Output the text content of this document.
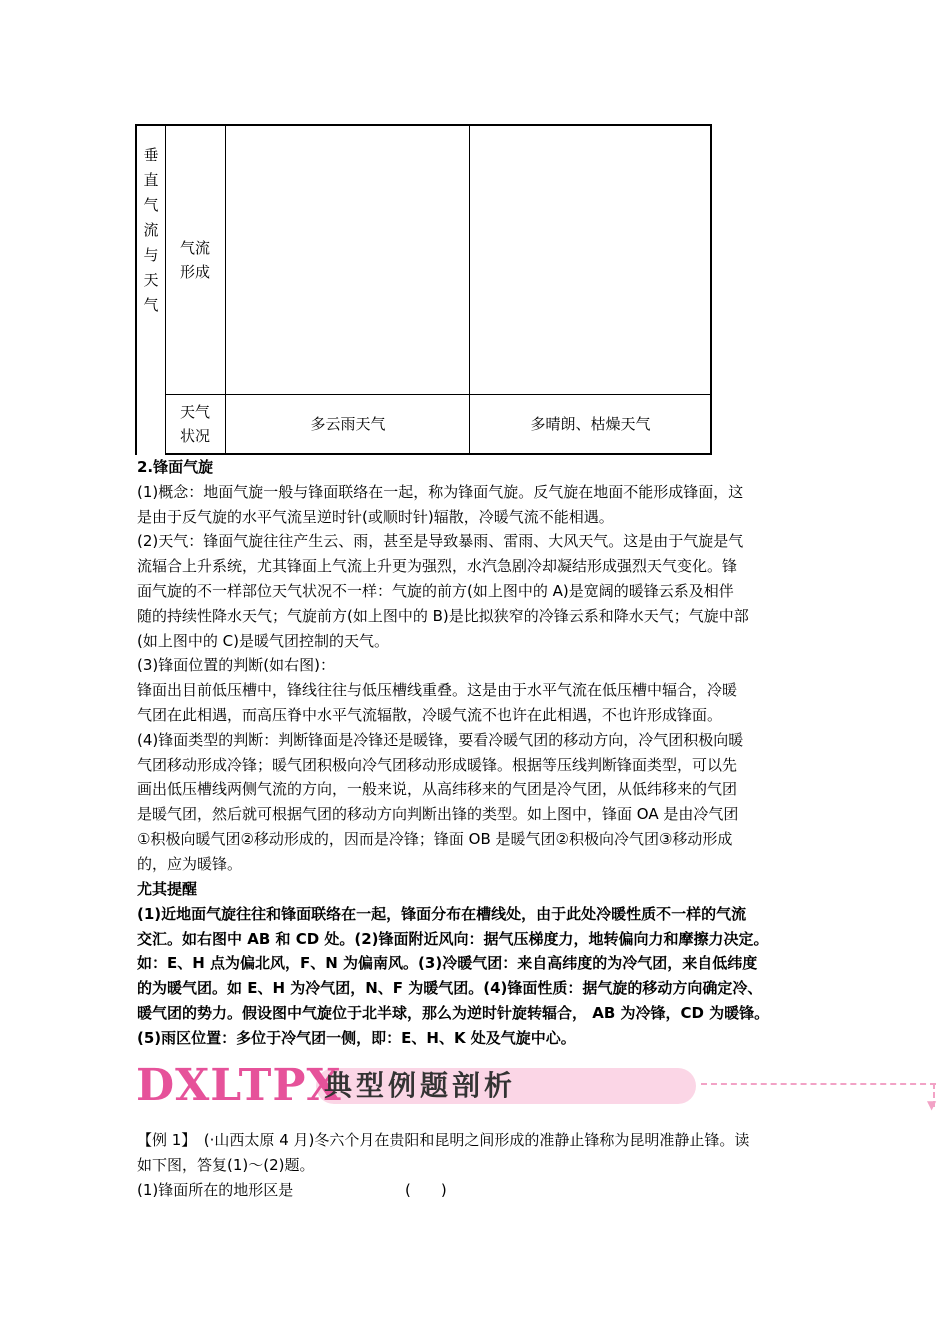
垂
直
气
流
与
天
气
气流
形成
天气
状况
多云雨天气	多晴朗、枯燥天气
2.锋面气旋
(1)概念：地面气旋一般与锋面联络在一起，称为锋面气旋。反气旋在地面不能形成锋面，这
是由于反气旋的水平气流呈逆时针(或顺时针)辐散，冷暖气流不能相遇。
(2)天气：锋面气旋往往产生云、雨，甚至是导致暴雨、雷雨、大风天气。这是由于气旋是气
流辐合上升系统，尤其锋面上气流上升更为强烈，水汽急剧冷却凝结形成强烈天气变化。锋
面气旋的不一样部位天气状况不一样：气旋的前方(如上图中的 A)是宽阔的暖锋云系及相伴
随的持续性降水天气；气旋前方(如上图中的 B)是比拟狭窄的冷锋云系和降水天气；气旋中部
(如上图中的 C)是暖气团控制的天气。
(3)锋面位置的判断(如右图)：
锋面出目前低压槽中，锋线往往与低压槽线重叠。这是由于水平气流在低压槽中辐合，冷暖
气团在此相遇，而高压脊中水平气流辐散，冷暖气流不也许在此相遇，不也许形成锋面。
(4)锋面类型的判断：判断锋面是冷锋还是暖锋，要看冷暖气团的移动方向，冷气团积极向暖
气团移动形成冷锋；暖气团积极向冷气团移动形成暖锋。根据等压线判断锋面类型，可以先
画出低压槽线两侧气流的方向，一般来说，从高纬移来的气团是冷气团，从低纬移来的气团
是暖气团，然后就可根据气团的移动方向判断出锋的类型。如上图中，锋面 OA 是由冷气团
①积极向暖气团②移动形成的，因而是冷锋；锋面 OB 是暖气团②积极向冷气团③移动形成
的，应为暖锋。
尤其提醒
(1)近地面气旋往往和锋面联络在一起，锋面分布在槽线处，由于此处冷暖性质不一样的气流
交汇。如右图中 AB 和 CD 处。(2)锋面附近风向：据气压梯度力，地转偏向力和摩擦力决定。
如：E、H 点为偏北风，F、N 为偏南风。(3)冷暖气团：来自高纬度的为冷气团，来自低纬度
的为暖气团。如 E、H 为冷气团，N、F 为暖气团。(4)锋面性质：据气旋的移动方向确定冷、
暖气团的势力。假设图中气旋位于北半球，那么为逆时针旋转辐合， AB 为冷锋，CD 为暖锋。
(5)雨区位置：多位于冷气团一侧，即：E、H、K 处及气旋中心。
DXLTPX
典型例题剖析
▼
【例 1】　(·山西太原 4 月)冬六个月在贵阳和昆明之间形成的准静止锋称为昆明准静止锋。读
如下图，答复(1)～(2)题。
(1)锋面所在的地形区是	(　　)
